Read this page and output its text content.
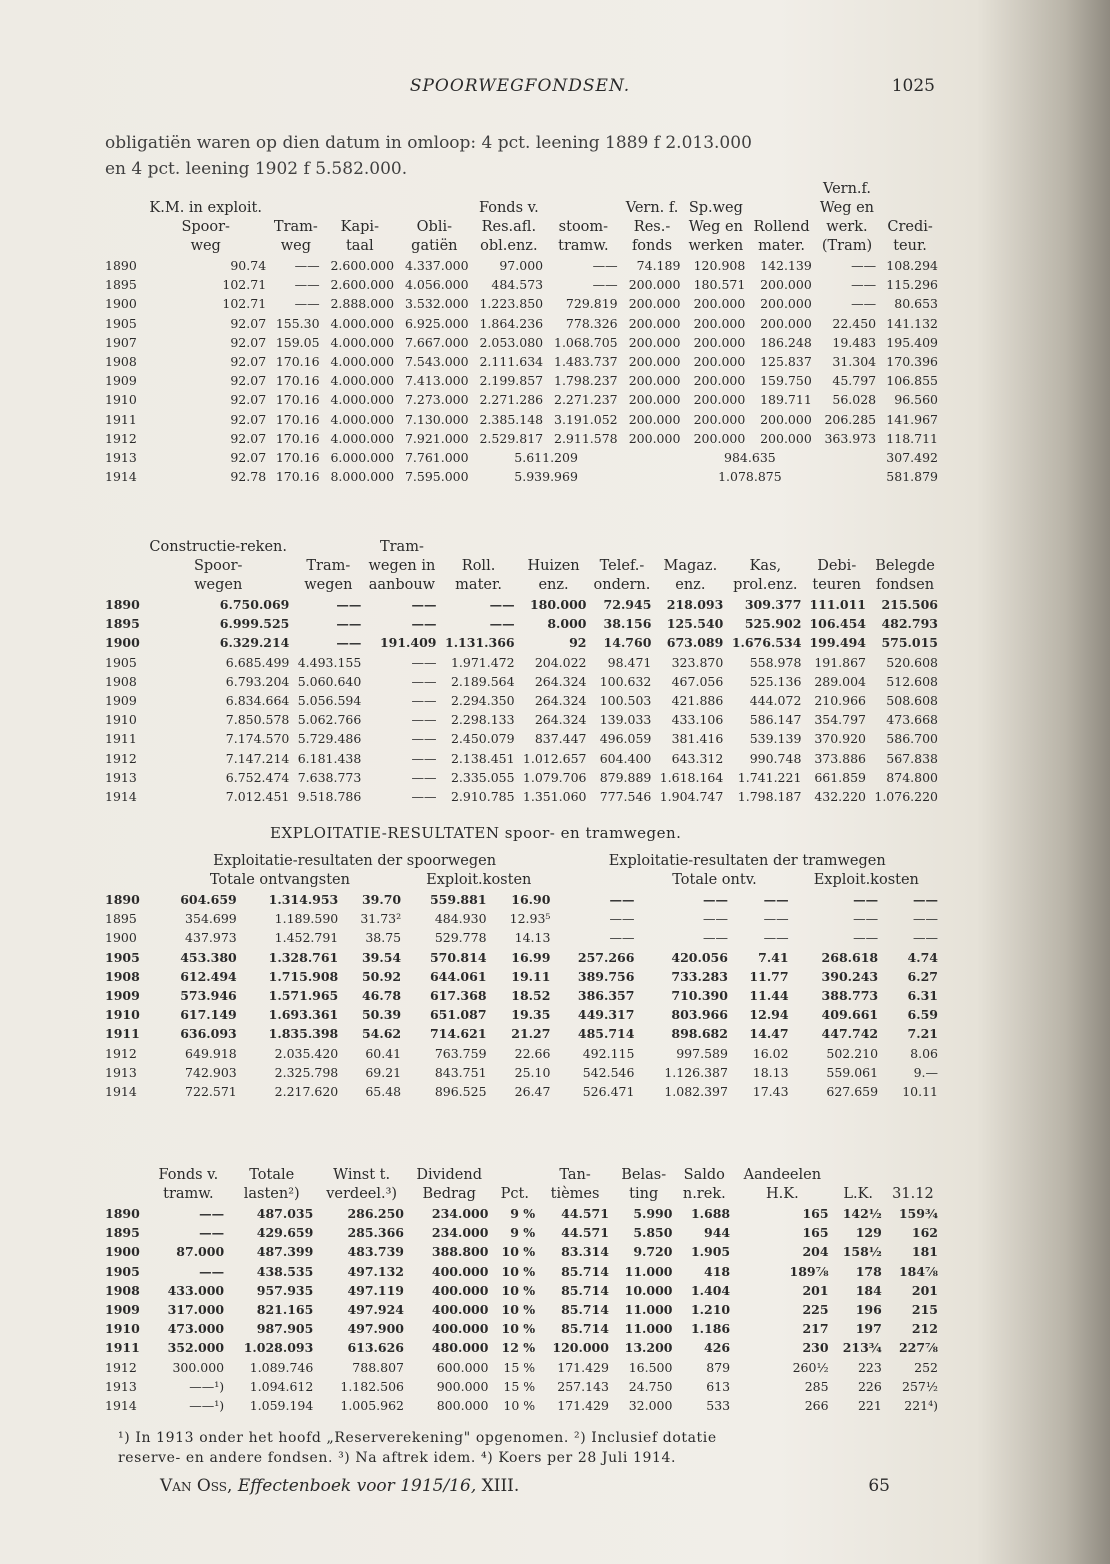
SPOORWEGFONDSEN.	1025
obligatiën waren op dien datum in omloop: 4 pct. leening 1889 f 2.013.000
en 4 pct. leening 1902 f 5.582.000.
										Vern.f.	
	K.M. in exploit.				Fonds v.		Vern. f.	Sp.weg		Weg en	
	Spoor-	Tram-	Kapi-	Obli-	Res.afl.	stoom-	Res.-	Weg en	Rollend	werk.	Credi-
	weg	weg	taal	gatiën	obl.enz.	tramw.	fonds	werken	mater.	(Tram)	teur.
1890	90.74	——	2.600.000	4.337.000	97.000	——	74.189	120.908	142.139	——	108.294
1895	102.71	——	2.600.000	4.056.000	484.573	——	200.000	180.571	200.000	——	115.296
1900	102.71	——	2.888.000	3.532.000	1.223.850	729.819	200.000	200.000	200.000	——	80.653
1905	92.07	155.30	4.000.000	6.925.000	1.864.236	778.326	200.000	200.000	200.000	22.450	141.132
1907	92.07	159.05	4.000.000	7.667.000	2.053.080	1.068.705	200.000	200.000	186.248	19.483	195.409
1908	92.07	170.16	4.000.000	7.543.000	2.111.634	1.483.737	200.000	200.000	125.837	31.304	170.396
1909	92.07	170.16	4.000.000	7.413.000	2.199.857	1.798.237	200.000	200.000	159.750	45.797	106.855
1910	92.07	170.16	4.000.000	7.273.000	2.271.286	2.271.237	200.000	200.000	189.711	56.028	96.560
1911	92.07	170.16	4.000.000	7.130.000	2.385.148	3.191.052	200.000	200.000	200.000	206.285	141.967
1912	92.07	170.16	4.000.000	7.921.000	2.529.817	2.911.578	200.000	200.000	200.000	363.973	118.711
1913	92.07	170.16	6.000.000	7.761.000	5.611.209		984.635				307.492
1914	92.78	170.16	8.000.000	7.595.000	5.939.969		1.078.875				581.879
	Constructie-reken.		Tram-							
	Spoor-	Tram-	wegen in	Roll.	Huizen	Telef.-	Magaz.	Kas,	Debi-	Belegde
	wegen	wegen	aanbouw	mater.	enz.	ondern.	enz.	prol.enz.	teuren	fondsen
1890	6.750.069	——	——	——	180.000	72.945	218.093	309.377	111.011	215.506
1895	6.999.525	——	——	——	8.000	38.156	125.540	525.902	106.454	482.793
1900	6.329.214	——	191.409	1.131.366	92	14.760	673.089	1.676.534	199.494	575.015
1905	6.685.499	4.493.155	——	1.971.472	204.022	98.471	323.870	558.978	191.867	520.608
1908	6.793.204	5.060.640	——	2.189.564	264.324	100.632	467.056	525.136	289.004	512.608
1909	6.834.664	5.056.594	——	2.294.350	264.324	100.503	421.886	444.072	210.966	508.608
1910	7.850.578	5.062.766	——	2.298.133	264.324	139.033	433.106	586.147	354.797	473.668
1911	7.174.570	5.729.486	——	2.450.079	837.447	496.059	381.416	539.139	370.920	586.700
1912	7.147.214	6.181.438	——	2.138.451	1.012.657	604.400	643.312	990.748	373.886	567.838
1913	6.752.474	7.638.773	——	2.335.055	1.079.706	879.889	1.618.164	1.741.221	661.859	874.800
1914	7.012.451	9.518.786	——	2.910.785	1.351.060	777.546	1.904.747	1.798.187	432.220	1.076.220
EXPLOITATIE-RESULTATEN spoor- en tramwegen.
	Exploitatie-resultaten der spoorwegen					Exploitatie-resultaten der tramwegen				
	Totale ontvangsten			Exploit.kosten			Totale ontv.		Exploit.kosten	
1890	604.659	1.314.953	39.70	559.881	16.90	——	——	——	——	——
1895	354.699	1.189.590	31.73²	484.930	12.93⁵	——	——	——	——	——
1900	437.973	1.452.791	38.75	529.778	14.13	——	——	——	——	——
1905	453.380	1.328.761	39.54	570.814	16.99	257.266	420.056	7.41	268.618	4.74
1908	612.494	1.715.908	50.92	644.061	19.11	389.756	733.283	11.77	390.243	6.27
1909	573.946	1.571.965	46.78	617.368	18.52	386.357	710.390	11.44	388.773	6.31
1910	617.149	1.693.361	50.39	651.087	19.35	449.317	803.966	12.94	409.661	6.59
1911	636.093	1.835.398	54.62	714.621	21.27	485.714	898.682	14.47	447.742	7.21
1912	649.918	2.035.420	60.41	763.759	22.66	492.115	997.589	16.02	502.210	8.06
1913	742.903	2.325.798	69.21	843.751	25.10	542.546	1.126.387	18.13	559.061	9.—
1914	722.571	2.217.620	65.48	896.525	26.47	526.471	1.082.397	17.43	627.659	10.11
	Fonds v.	Totale	Winst t.	Dividend		Tan-	Belas-	Saldo	Aandeelen		
	tramw.	lasten²)	verdeel.³)	Bedrag	Pct.	tièmes	ting	n.rek.	H.K.	L.K.	31.12
1890	——	487.035	286.250	234.000	9 %	44.571	5.990	1.688	165	142½	159¾
1895	——	429.659	285.366	234.000	9 %	44.571	5.850	944	165	129	162
1900	87.000	487.399	483.739	388.800	10 %	83.314	9.720	1.905	204	158½	181
1905	——	438.535	497.132	400.000	10 %	85.714	11.000	418	189⅞	178	184⅞
1908	433.000	957.935	497.119	400.000	10 %	85.714	10.000	1.404	201	184	201
1909	317.000	821.165	497.924	400.000	10 %	85.714	11.000	1.210	225	196	215
1910	473.000	987.905	497.900	400.000	10 %	85.714	11.000	1.186	217	197	212
1911	352.000	1.028.093	613.626	480.000	12 %	120.000	13.200	426	230	213¾	227⅞
1912	300.000	1.089.746	788.807	600.000	15 %	171.429	16.500	879	260½	223	252
1913	——¹)	1.094.612	1.182.506	900.000	15 %	257.143	24.750	613	285	226	257½
1914	——¹)	1.059.194	1.005.962	800.000	10 %	171.429	32.000	533	266	221	221⁴)
¹) In 1913 onder het hoofd „Reserverekening" opgenomen. ²) Inclusief dotatie
reserve- en andere fondsen. ³) Na aftrek idem. ⁴) Koers per 28 Juli 1914.
Van Oss, Effectenboek voor 1915/16, XIII.	65
